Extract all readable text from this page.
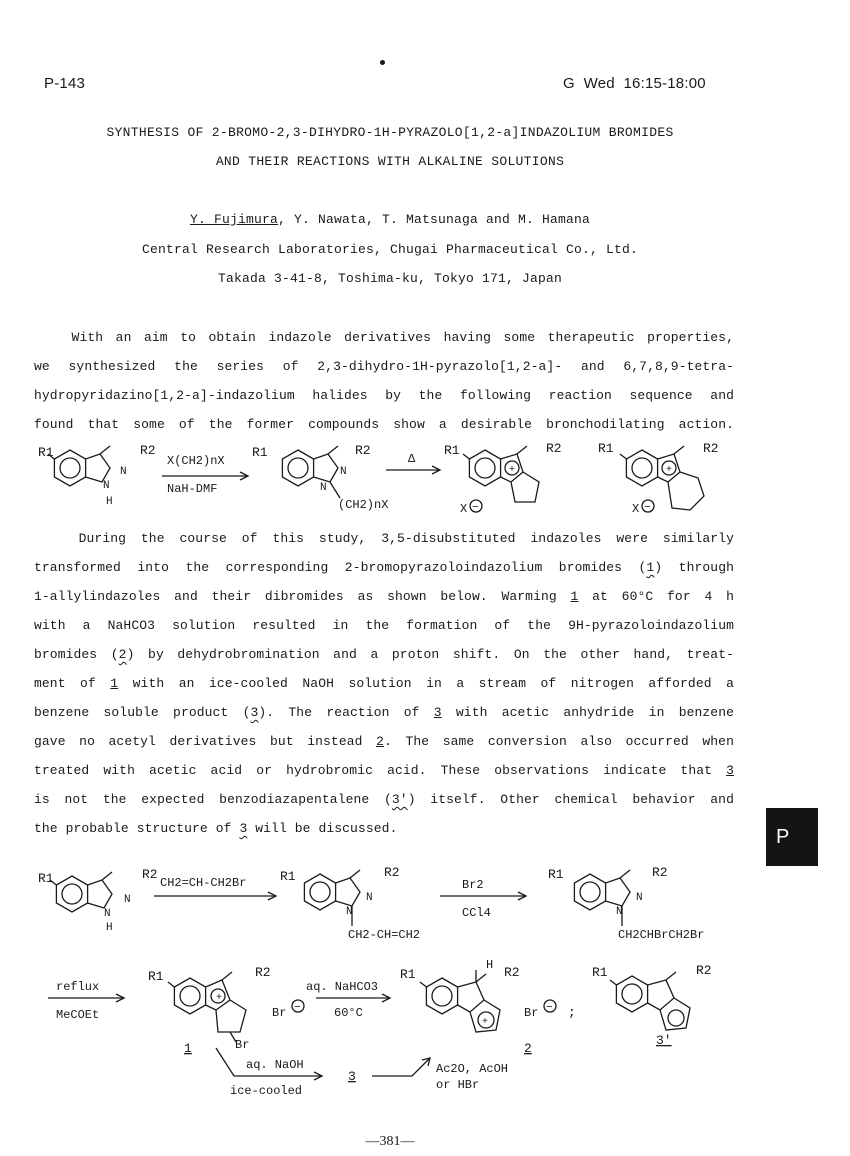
P-143	G  Wed  16:15-18:00
SYNTHESIS OF 2-BROMO-2,3-DIHYDRO-1H-PYRAZOLO[1,2-a]INDAZOLIUM BROMIDES
AND THEIR REACTIONS WITH ALKALINE SOLUTIONS
Y. Fujimura, Y. Nawata, T. Matsunaga and M. Hamana
Central Research Laboratories, Chugai Pharmaceutical Co., Ltd.
Takada 3-41-8, Toshima-ku, Tokyo 171, Japan
With an aim to obtain indazole derivatives having some therapeutic properties,
we synthesized the series of 2,3-dihydro-1H-pyrazolo[1,2-a]- and 6,7,8,9-tetra-
hydropyridazino[1,2-a]-indazolium halides by the following reaction sequence and
found that some of the former compounds show a desirable bronchodilating action.
R1	R2
N
N
H
X(CH2)nX
NaH-DMF
R1	R2
N
N
(CH2)nX
Δ
+
R1	R2
X −
+
R1	R2
X −
During the course of this study, 3,5-disubstituted indazoles were similarly
transformed into the corresponding 2-bromopyrazoloindazolium bromides (1) through
1-allylindazoles and their dibromides as shown below. Warming 1 at 60°C for 4 h
with a NaHCO3 solution resulted in the formation of the 9H-pyrazoloindazolium
bromides (2) by dehydrobromination and a proton shift. On the other hand, treat-
ment of 1 with an ice-cooled NaOH solution in a stream of nitrogen afforded a
benzene soluble product (3). The reaction of 3 with acetic anhydride in benzene
gave no acetyl derivatives but instead 2. The same conversion also occurred when
treated with acetic acid or hydrobromic acid. These observations indicate that 3
is not the expected benzodiazapentalene (3') itself. Other chemical behavior and
the probable structure of 3 will be discussed.	P
R1	R2
N
N
H
CH2=CH-CH2Br	R1	R2
N
N
CH2-CH=CH2
Br2
CCl4
R1	R2
N
N
CH2CHBrCH2Br
reflux
MeCOEt
+
R1	R2
Br −
Br
1
aq. NaHCO3
60°C
+
H
R1	R2
Br − ;
2
R1	R2
3'
aq. NaOH
ice-cooled
3	Ac2O, AcOH
or HBr
—381—
